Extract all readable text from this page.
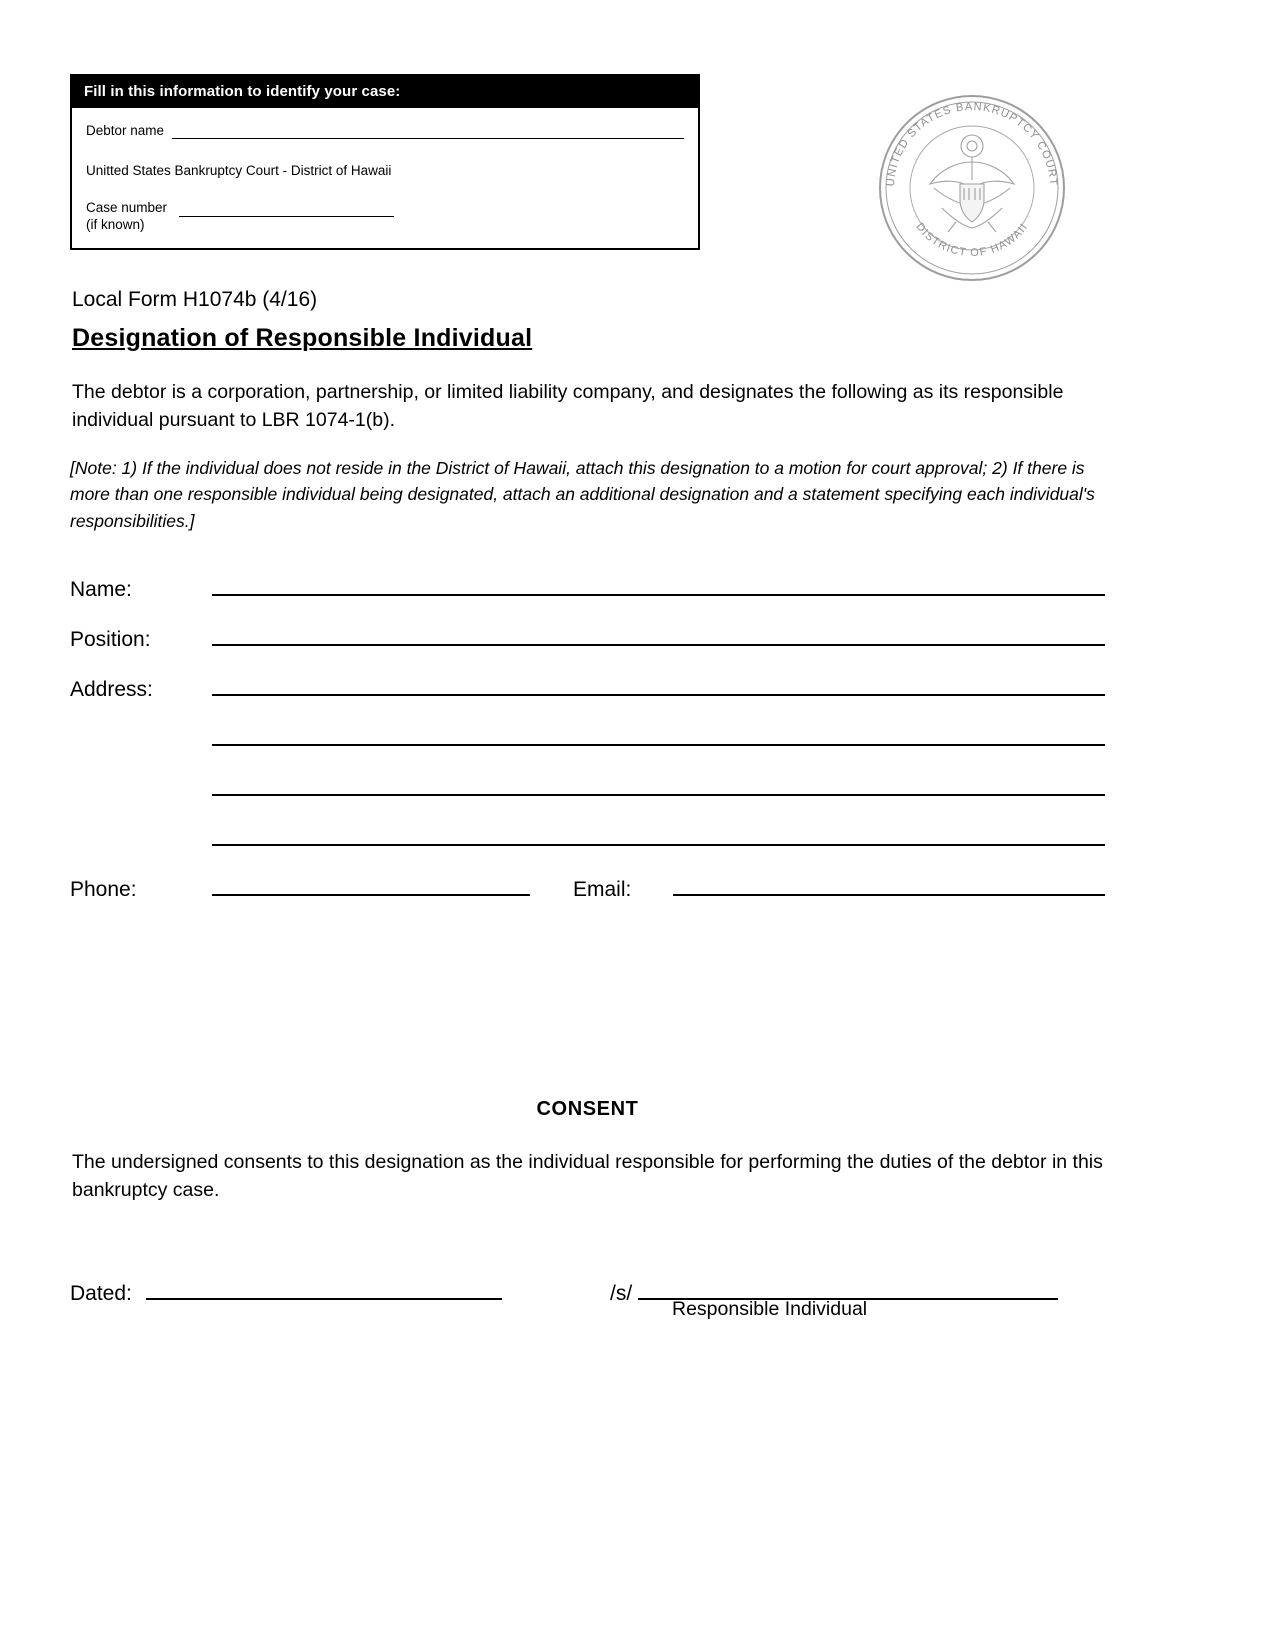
Fill in this information to identify your case:
Debtor name
Unitted States Bankruptcy Court - District of Hawaii
Case number
(if known)
UNITED STATES BANKRUPTCY COURT
DISTRICT OF HAWAII
Local Form H1074b (4/16)
Designation of Responsible Individual
The debtor is a corporation, partnership, or limited liability company, and designates the following as its responsible individual pursuant to LBR 1074-1(b).
[Note: 1) If the individual does not reside in the District of Hawaii, attach this designation to a motion for court approval; 2) If there is more than one responsible individual being designated, attach an additional designation and a statement specifying each individual's responsibilities.]
Name:
Position:
Address:
Phone:	Email:
CONSENT
The undersigned consents to this designation as the individual responsible for performing the duties of the debtor in this bankruptcy case.
Dated:	/s/
Responsible Individual
